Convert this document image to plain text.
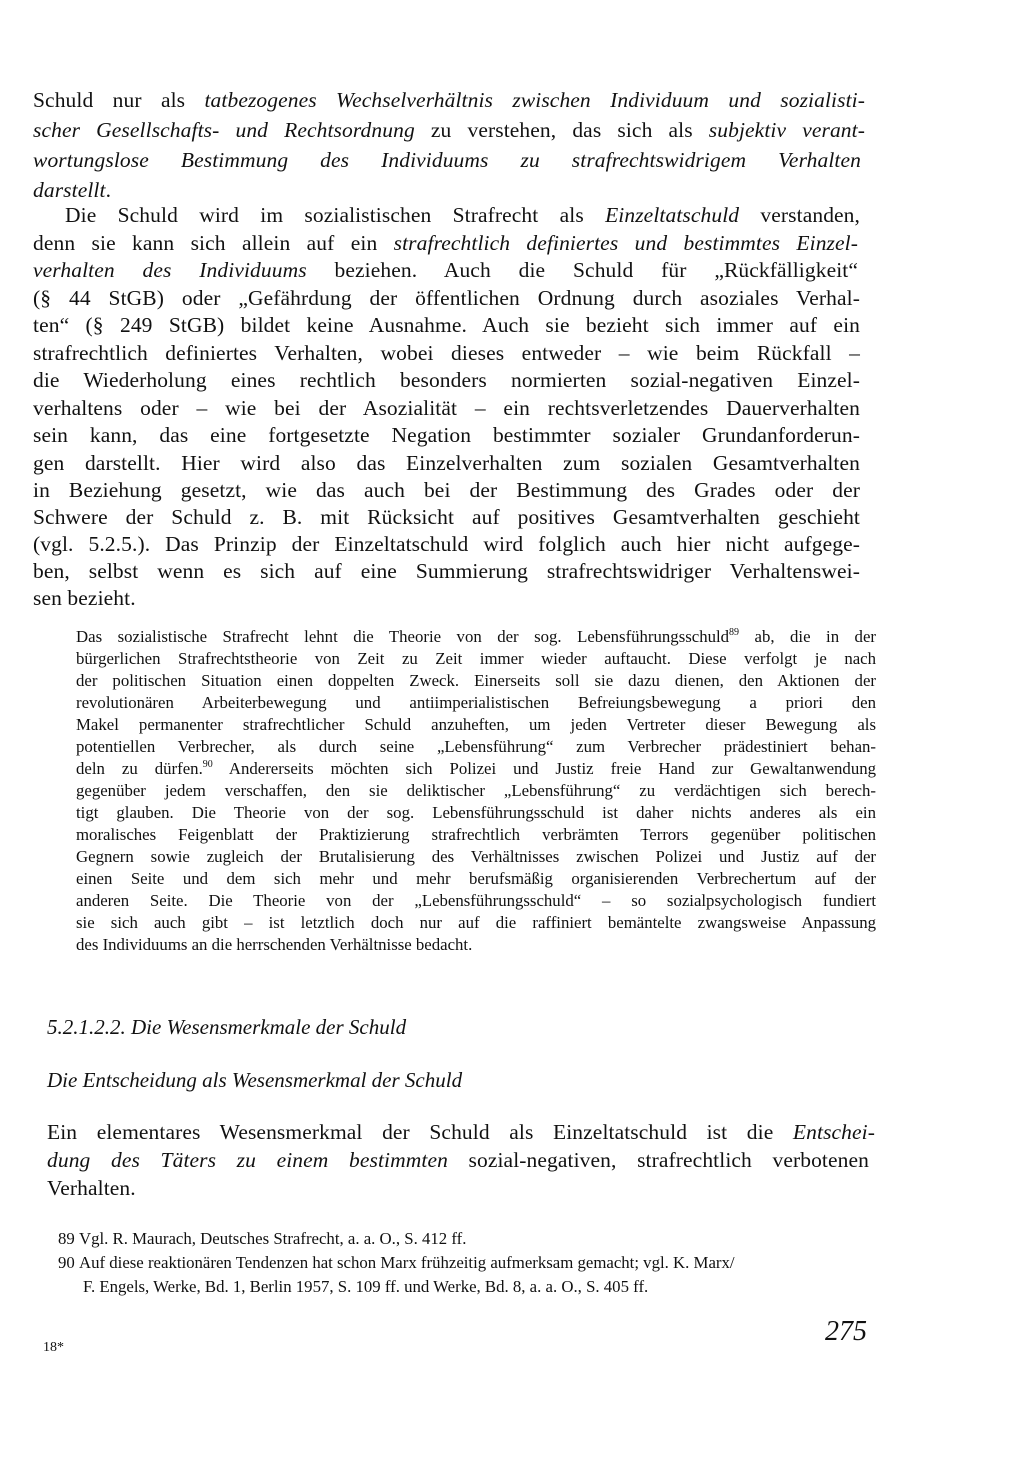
Schuld nur als tatbezogenes Wechselverhältnis zwischen Individuum und sozialisti-

scher Gesellschafts- und Rechtsordnung zu verstehen, das sich als subjektiv verant-

wortungslose Bestimmung des Individuums zu strafrechtswidrigem Verhalten

darstellt.

Die Schuld wird im sozialistischen Strafrecht als Einzeltatschuld verstanden,

denn sie kann sich allein auf ein strafrechtlich definiertes und bestimmtes Einzel-

verhalten des Individuums beziehen. Auch die Schuld für „Rückfälligkeit“

(§ 44 StGB) oder „Gefährdung der öffentlichen Ordnung durch asoziales Verhal-

ten“ (§ 249 StGB) bildet keine Ausnahme. Auch sie bezieht sich immer auf ein

strafrechtlich definiertes Verhalten, wobei dieses entweder – wie beim Rückfall –

die Wiederholung eines rechtlich besonders normierten sozial-negativen Einzel-

verhaltens oder – wie bei der Asozialität – ein rechtsverletzendes Dauerverhalten

sein kann, das eine fortgesetzte Negation bestimmter sozialer Grundanforderun-

gen darstellt. Hier wird also das Einzelverhalten zum sozialen Gesamtverhalten

in Beziehung gesetzt, wie das auch bei der Bestimmung des Grades oder der

Schwere der Schuld z. B. mit Rücksicht auf positives Gesamtverhalten geschieht

(vgl. 5.2.5.). Das Prinzip der Einzeltatschuld wird folglich auch hier nicht aufgege-

ben, selbst wenn es sich auf eine Summierung strafrechtswidriger Verhaltenswei-

sen bezieht.

Das sozialistische Strafrecht lehnt die Theorie von der sog. Lebensführungsschuld$^{89}$ ab, die in der

bürgerlichen Strafrechtstheorie von Zeit zu Zeit immer wieder auftaucht. Diese verfolgt je nach

der politischen Situation einen doppelten Zweck. Einerseits soll sie dazu dienen, den Aktionen der

revolutionären Arbeiterbewegung und antiimperialistischen Befreiungsbewegung a priori den

Makel permanenter strafrechtlicher Schuld anzuheften, um jeden Vertreter dieser Bewegung als

potentiellen Verbrecher, als durch seine „Lebensführung“ zum Verbrecher prädestiniert behan-

deln zu dürfen.$^{90}$ Andererseits möchten sich Polizei und Justiz freie Hand zur Gewaltanwendung

gegenüber jedem verschaffen, den sie deliktischer „Lebensführung“ zu verdächtigen sich berech-

tigt glauben. Die Theorie von der sog. Lebensführungsschuld ist daher nichts anderes als ein

moralisches Feigenblatt der Praktizierung strafrechtlich verbrämten Terrors gegenüber politischen

Gegnern sowie zugleich der Brutalisierung des Verhältnisses zwischen Polizei und Justiz auf der

einen Seite und dem sich mehr und mehr berufsmäßig organisierenden Verbrechertum auf der

anderen Seite. Die Theorie von der „Lebensführungsschuld“ – so sozialpsychologisch fundiert

sie sich auch gibt – ist letztlich doch nur auf die raffiniert bemäntelte zwangsweise Anpassung

des Individuums an die herrschenden Verhältnisse bedacht.

5.2.1.2.2. Die Wesensmerkmale der Schuld
Die Entscheidung als Wesensmerkmal der Schuld

Ein elementares Wesensmerkmal der Schuld als Einzeltatschuld ist die Entschei-

dung des Täters zu einem bestimmten sozial-negativen, strafrechtlich verbotenen

Verhalten.

89 Vgl. R. Maurach, Deutsches Strafrecht, a. a. O., S. 412 ff.

90 Auf diese reaktionären Tendenzen hat schon Marx frühzeitig aufmerksam gemacht; vgl. K. Marx/

F. Engels, Werke, Bd. 1, Berlin 1957, S. 109 ff. und Werke, Bd. 8, a. a. O., S. 405 ff.

18*
275
